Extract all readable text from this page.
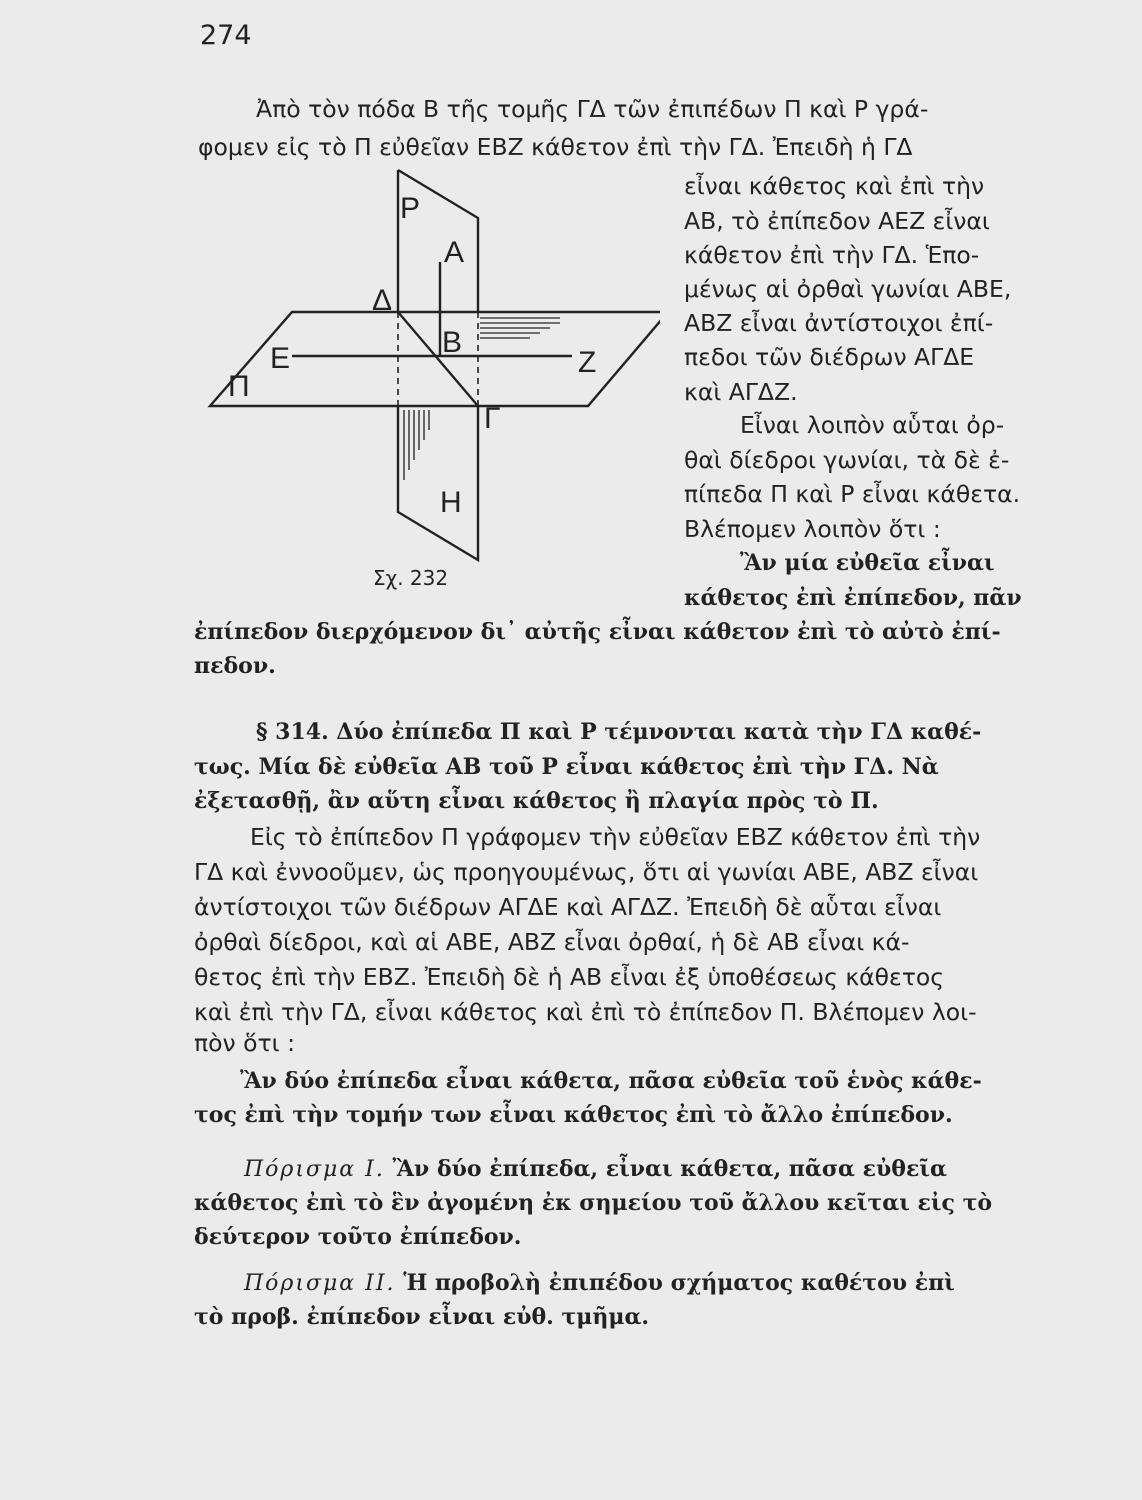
274
Ρ
Α
Δ
Ε	Β
Ζ
Π
Γ
Η
Σχ. 232
Ἀπὸ τὸν πόδα Β τῆς τομῆς ΓΔ τῶν ἐπιπέδων Π καὶ Ρ γρά-
φομεν εἰς τὸ Π εὐθεῖαν ΕΒΖ κάθετον ἐπὶ τὴν ΓΔ. Ἐπειδὴ ἡ ΓΔ
εἶναι κάθετος καὶ ἐπὶ τὴν
ΑΒ, τὸ ἐπίπεδον ΑΕΖ εἶναι
κάθετον ἐπὶ τὴν ΓΔ. Ἑπο-
μένως αἱ ὀρθαὶ γωνίαι ΑΒΕ,
ΑΒΖ εἶναι ἀντίστοιχοι ἐπί-
πεδοι τῶν διέδρων ΑΓΔΕ
καὶ ΑΓΔΖ.
Εἶναι λοιπὸν αὗται ὀρ-
θαὶ δίεδροι γωνίαι, τὰ δὲ ἐ-
πίπεδα Π καὶ Ρ εἶναι κάθετα.
Βλέπομεν λοιπὸν ὅτι :
Ἂν μία εὐθεῖα εἶναι
κάθετος ἐπὶ ἐπίπεδον, πᾶν
ἐπίπεδον διερχόμενον δι᾿ αὐτῆς εἶναι κάθετον ἐπὶ τὸ αὐτὸ ἐπί-
πεδον.
§ 314. Δύο ἐπίπεδα Π καὶ Ρ τέμνονται κατὰ τὴν ΓΔ καθέ-
τως. Μία δὲ εὐθεῖα ΑΒ τοῦ Ρ εἶναι κάθετος ἐπὶ τὴν ΓΔ. Νὰ
ἐξετασθῇ, ἂν αὕτη εἶναι κάθετος ἢ πλαγία πρὸς τὸ Π.
Εἰς τὸ ἐπίπεδον Π γράφομεν τὴν εὐθεῖαν ΕΒΖ κάθετον ἐπὶ τὴν
ΓΔ καὶ ἐννοοῦμεν, ὡς προηγουμένως, ὅτι αἱ γωνίαι ΑΒΕ, ΑΒΖ εἶναι
ἀντίστοιχοι τῶν διέδρων ΑΓΔΕ καὶ ΑΓΔΖ. Ἐπειδὴ δὲ αὗται εἶναι
ὀρθαὶ δίεδροι, καὶ αἱ ΑΒΕ, ΑΒΖ εἶναι ὀρθαί, ἡ δὲ ΑΒ εἶναι κά-
θετος ἐπὶ τὴν ΕΒΖ. Ἐπειδὴ δὲ ἡ ΑΒ εἶναι ἐξ ὑποθέσεως κάθετος
καὶ ἐπὶ τὴν ΓΔ, εἶναι κάθετος καὶ ἐπὶ τὸ ἐπίπεδον Π. Βλέπομεν λοι-
πὸν ὅτι :
Ἂν δύο ἐπίπεδα εἶναι κάθετα, πᾶσα εὐθεῖα τοῦ ἑνὸς κάθε-
τος ἐπὶ τὴν τομήν των εἶναι κάθετος ἐπὶ τὸ ἄλλο ἐπίπεδον.
Πόρισμα Ι. Ἂν δύο ἐπίπεδα, εἶναι κάθετα, πᾶσα εὐθεῖα
κάθετος ἐπὶ τὸ ἓν ἀγομένη ἐκ σημείου τοῦ ἄλλου κεῖται εἰς τὸ
δεύτερον τοῦτο ἐπίπεδον.
Πόρισμα ΙΙ. Ἡ προβολὴ ἐπιπέδου σχήματος καθέτου ἐπὶ
τὸ προβ. ἐπίπεδον εἶναι εὐθ. τμῆμα.
